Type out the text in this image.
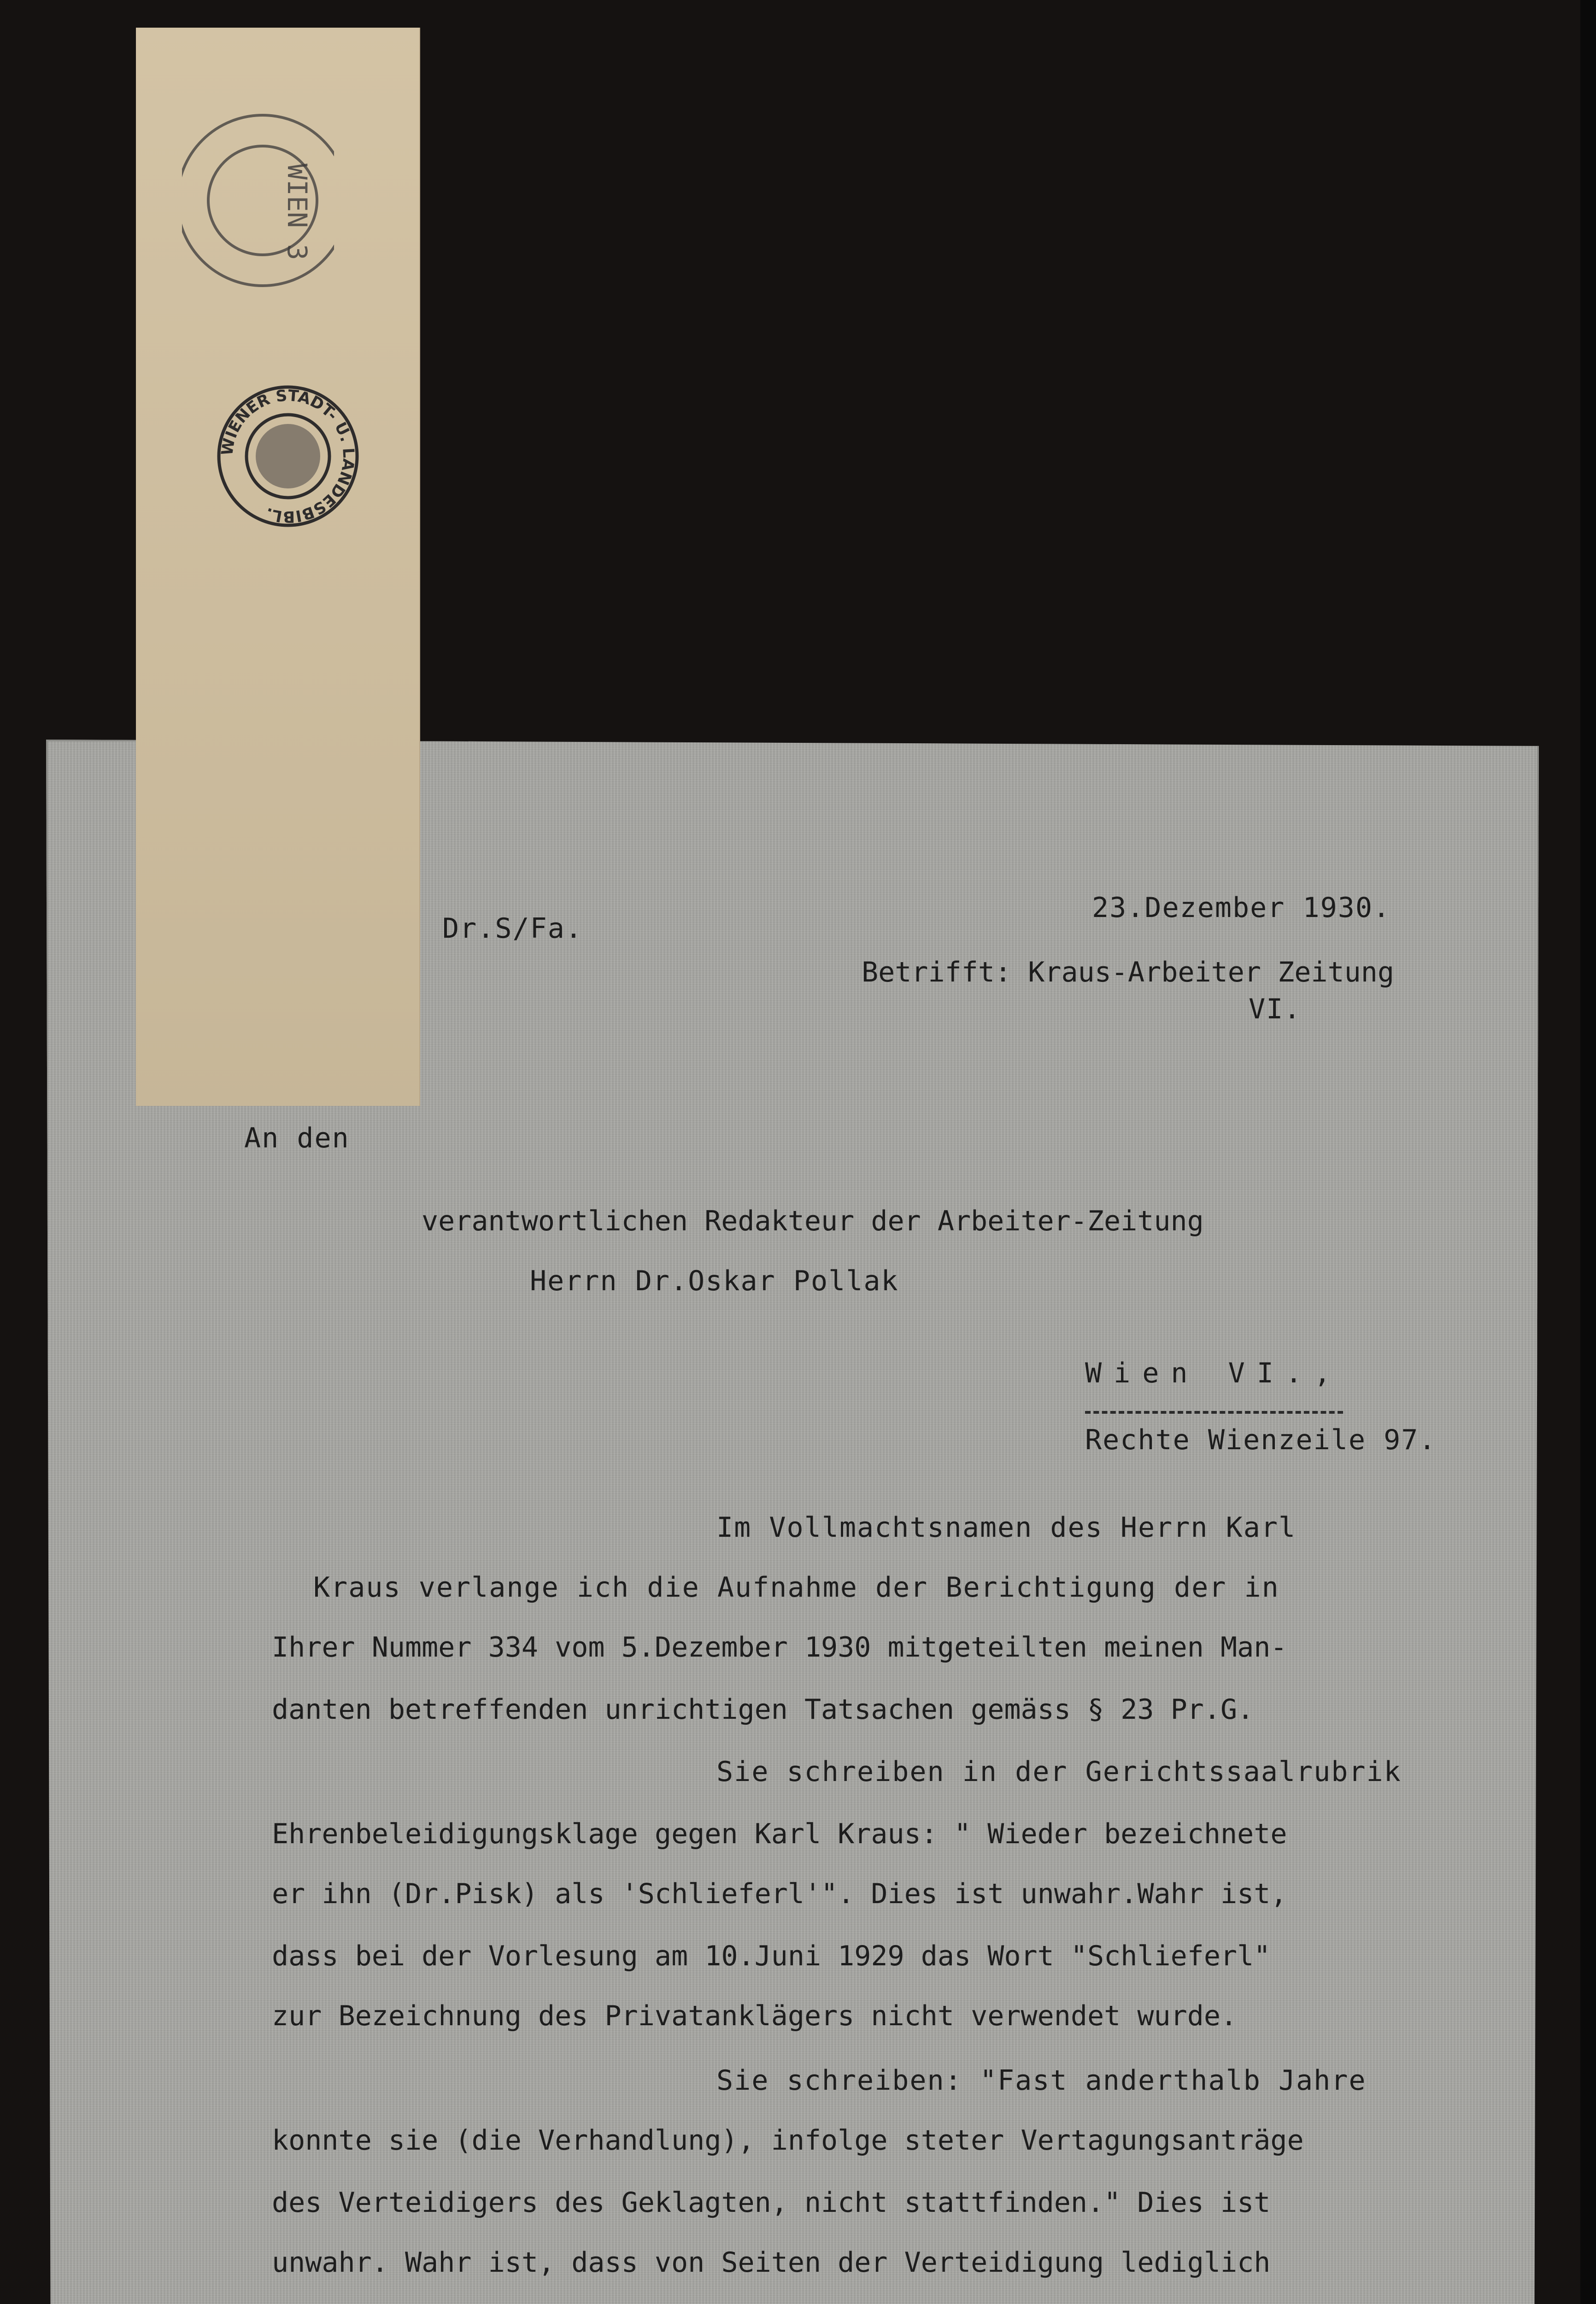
WIEN 3
WIENER STADT- U. LANDESBIBL.
Dr.S/Fa.
23.Dezember 1930.
Betrifft: Kraus-Arbeiter Zeitung
VI.
An den
verantwortlichen Redakteur der Arbeiter-Zeitung
Herrn Dr.Oskar Pollak
Wien VI.,
Rechte Wienzeile 97.
Im Vollmachtsnamen des Herrn Karl
Kraus verlange ich die Aufnahme der Berichtigung der in
Ihrer Nummer 334 vom 5.Dezember 1930 mitgeteilten meinen Man-
danten betreffenden unrichtigen Tatsachen gemäss § 23 Pr.G.
Sie schreiben in der Gerichtssaalrubrik
Ehrenbeleidigungsklage gegen Karl Kraus: " Wieder bezeichnete
er ihn (Dr.Pisk) als 'Schlieferl'". Dies ist unwahr.Wahr ist,
dass bei der Vorlesung am 10.Juni 1929 das Wort "Schlieferl"
zur Bezeichnung des Privatanklägers nicht verwendet wurde.
Sie schreiben: "Fast anderthalb Jahre
konnte sie (die Verhandlung), infolge steter Vertagungsanträge
des Verteidigers des Geklagten, nicht stattfinden." Dies ist
unwahr. Wahr ist, dass von Seiten der Verteidigung lediglich
